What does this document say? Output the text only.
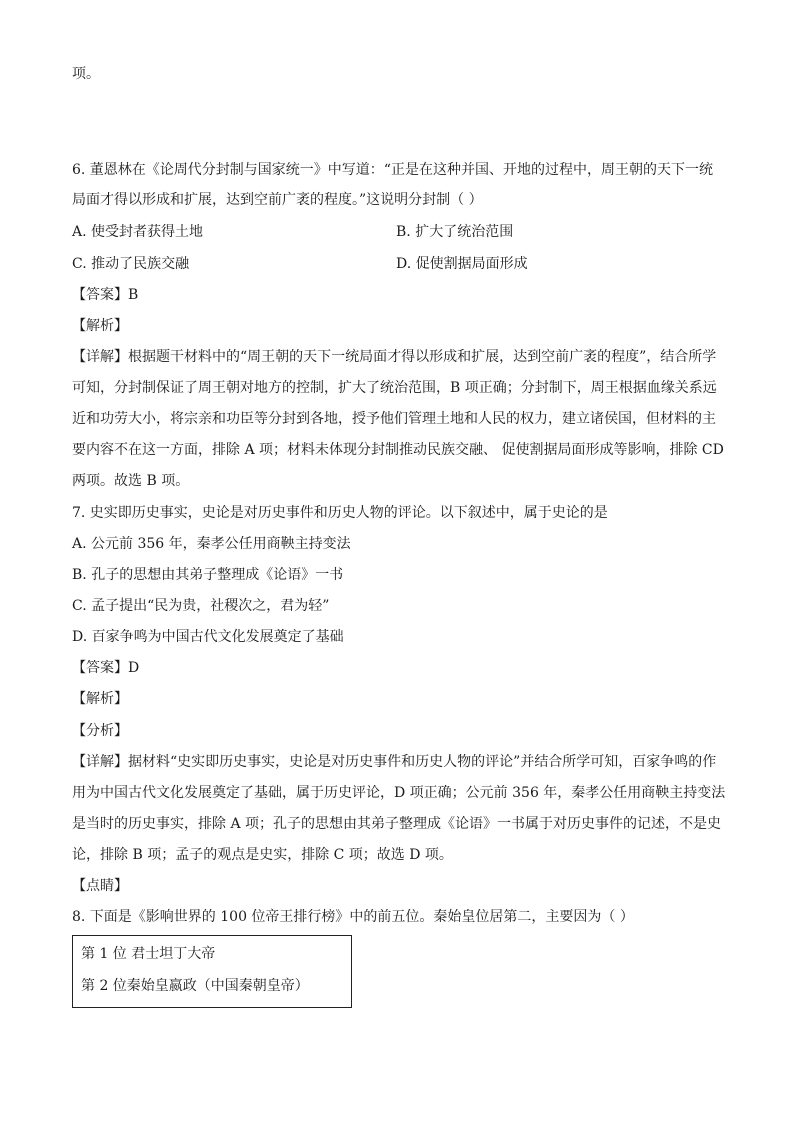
项。
6. 董恩林在《论周代分封制与国家统一》中写道：“正是在这种并国、开地的过程中，周王朝的天下一统
局面才得以形成和扩展，达到空前广袤的程度。”这说明分封制（ ）
A. 使受封者获得土地	B. 扩大了统治范围
C. 推动了民族交融	D. 促使割据局面形成
【答案】B
【解析】
【详解】根据题干材料中的“周王朝的天下一统局面才得以形成和扩展，达到空前广袤的程度”，结合所学
可知，分封制保证了周王朝对地方的控制，扩大了统治范围，B 项正确；分封制下，周王根据血缘关系远
近和功劳大小，将宗亲和功臣等分封到各地，授予他们管理土地和人民的权力，建立诸侯国，但材料的主
要内容不在这一方面，排除 A 项；材料未体现分封制推动民族交融、 促使割据局面形成等影响，排除 CD
两项。故选 B 项。
7. 史实即历史事实，史论是对历史事件和历史人物的评论。以下叙述中，属于史论的是
A. 公元前 356 年，秦孝公任用商鞅主持变法
B. 孔子的思想由其弟子整理成《论语》一书
C. 孟子提出“民为贵，社稷次之，君为轻”
D. 百家争鸣为中国古代文化发展奠定了基础
【答案】D
【解析】
【分析】
【详解】据材料“史实即历史事实，史论是对历史事件和历史人物的评论”并结合所学可知，百家争鸣的作
用为中国古代文化发展奠定了基础，属于历史评论，D 项正确；公元前 356 年，秦孝公任用商鞅主持变法
是当时的历史事实，排除 A 项；孔子的思想由其弟子整理成《论语》一书属于对历史事件的记述，不是史
论，排除 B 项；孟子的观点是史实，排除 C 项；故选 D 项。
【点睛】
8. 下面是《影响世界的 100 位帝王排行榜》中的前五位。秦始皇位居第二，主要因为（ ）
第 1 位 君士坦丁大帝
第 2 位秦始皇嬴政（中国秦朝皇帝）
